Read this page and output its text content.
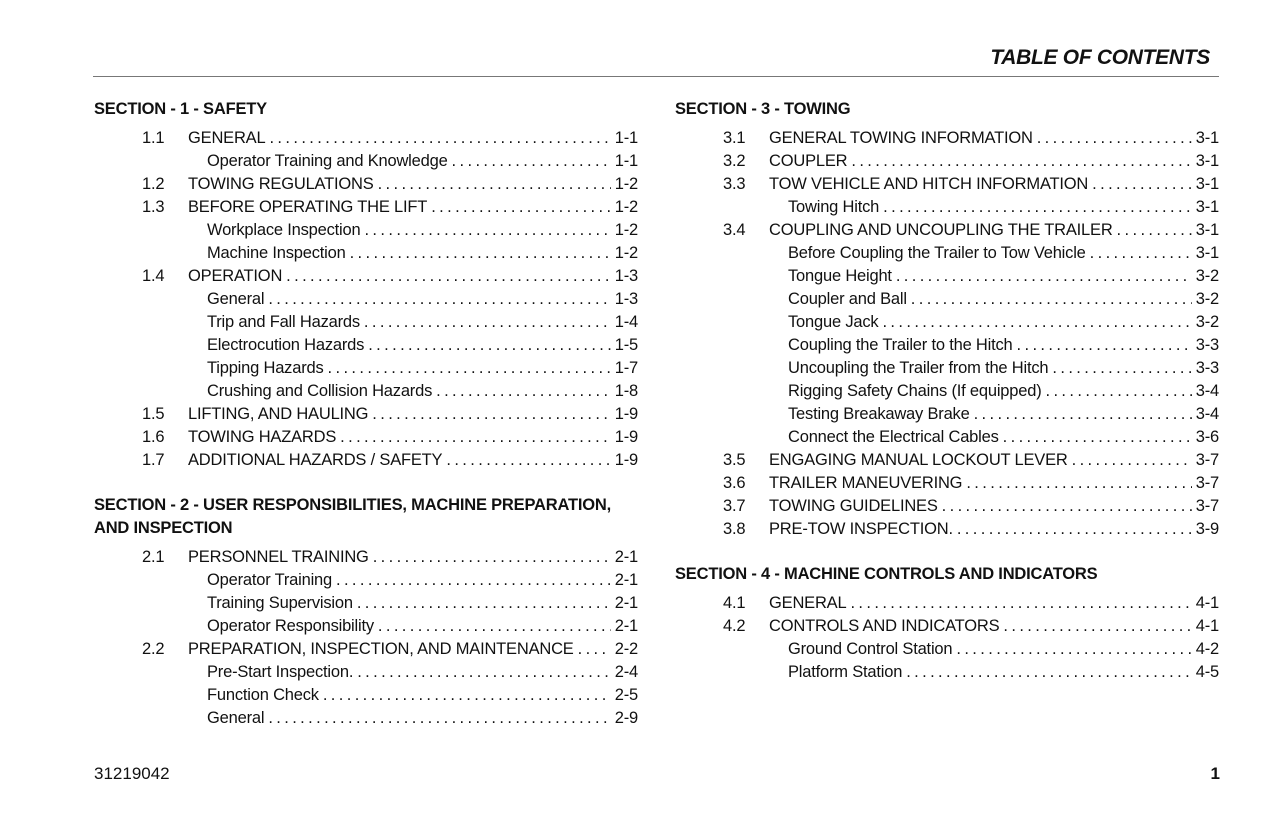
TABLE OF CONTENTS
SECTION - 1 - SAFETY
1.1	GENERAL . . .	1-1
Operator Training and Knowledge . . .	1-1
1.2	TOWING REGULATIONS . . .	1-2
1.3	BEFORE OPERATING THE LIFT . . .	1-2
Workplace Inspection . . .	1-2
Machine Inspection . . .	1-2
1.4	OPERATION . . .	1-3
General . . .	1-3
Trip and Fall Hazards . . .	1-4
Electrocution Hazards . . .	1-5
Tipping Hazards . . .	1-7
Crushing and Collision Hazards . . .	1-8
1.5	LIFTING, AND HAULING . . .	1-9
1.6	TOWING HAZARDS . . .	1-9
1.7	ADDITIONAL HAZARDS / SAFETY . . .	1-9
SECTION - 2 - USER RESPONSIBILITIES, MACHINE PREPARATION, AND INSPECTION
2.1	PERSONNEL TRAINING . . .	2-1
Operator Training . . .	2-1
Training Supervision . . .	2-1
Operator Responsibility . . .	2-1
2.2	PREPARATION, INSPECTION, AND MAINTENANCE . . . 2-2
Pre-Start Inspection. . . .	2-4
Function Check . . .	2-5
General . . .	2-9
SECTION - 3 - TOWING
3.1	GENERAL TOWING INFORMATION . . .	3-1
3.2	COUPLER . . .	3-1
3.3	TOW VEHICLE AND HITCH INFORMATION . . .	3-1
Towing Hitch . . .	3-1
3.4	COUPLING AND UNCOUPLING THE TRAILER . . .	3-1
Before Coupling the Trailer to Tow Vehicle . . .	3-1
Tongue Height . . .	3-2
Coupler and Ball . . .	3-2
Tongue Jack . . .	3-2
Coupling the Trailer to the Hitch . . .	3-3
Uncoupling the Trailer from the Hitch . . .	3-3
Rigging Safety Chains (If equipped) . . .	3-4
Testing Breakaway Brake . . .	3-4
Connect the Electrical Cables . . .	3-6
3.5	ENGAGING MANUAL LOCKOUT LEVER . . .	3-7
3.6	TRAILER MANEUVERING . . .	3-7
3.7	TOWING GUIDELINES . . .	3-7
3.8	PRE-TOW INSPECTION. . . .	3-9
SECTION - 4 - MACHINE CONTROLS AND INDICATORS
4.1	GENERAL . . .	4-1
4.2	CONTROLS AND INDICATORS . . .	4-1
Ground Control Station . . .	4-2
Platform Station . . .	4-5
31219042	1
